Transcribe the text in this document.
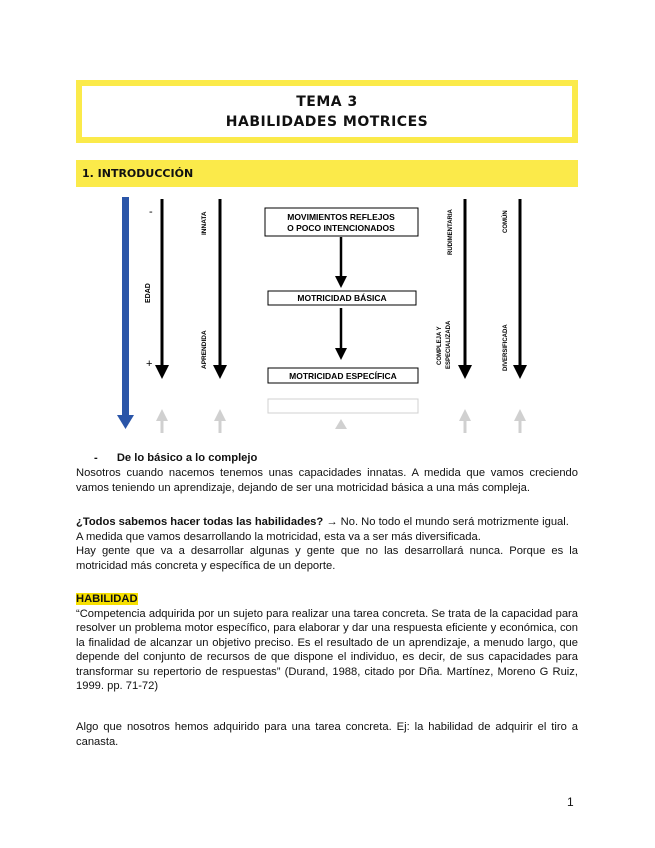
TEMA 3
HABILIDADES MOTRICES
1. INTRODUCCIÓN
-
+
EDAD
INNATA
APRENDIDA
MOVIMIENTOS REFLEJOS
O POCO INTENCIONADOS
MOTRICIDAD BÁSICA
MOTRICIDAD ESPECÍFICA
RUDIMENTARIA
COMPLEJA Y ESPECIALIZADA
COMÚN
DIVERSIFICADA
- De lo básico a lo complejo

Nosotros cuando nacemos tenemos unas capacidades innatas. A medida que vamos creciendo vamos teniendo un aprendizaje, dejando de ser una motricidad básica a una más compleja.

¿Todos sabemos hacer todas las habilidades? → No. No todo el mundo será motrizmente igual.

A medida que vamos desarrollando la motricidad, esta va a ser más diversificada.

Hay gente que va a desarrollar algunas y gente que no las desarrollará nunca. Porque es la motricidad más concreta y específica de un deporte.

HABILIDAD

“Competencia adquirida por un sujeto para realizar una tarea concreta. Se trata de la capacidad para resolver un problema motor específico, para elaborar y dar una respuesta eficiente y económica, con la finalidad de alcanzar un objetivo preciso. Es el resultado de un aprendizaje, a menudo largo, que depende del conjunto de recursos de que dispone el individuo, es decir, de sus capacidades para transformar su repertorio de respuestas” (Durand, 1988, citado por Dña. Martínez, Moreno G Ruiz, 1999. pp. 71-72)

Algo que nosotros hemos adquirido para una tarea concreta. Ej: la habilidad de adquirir el tiro a canasta.

1
